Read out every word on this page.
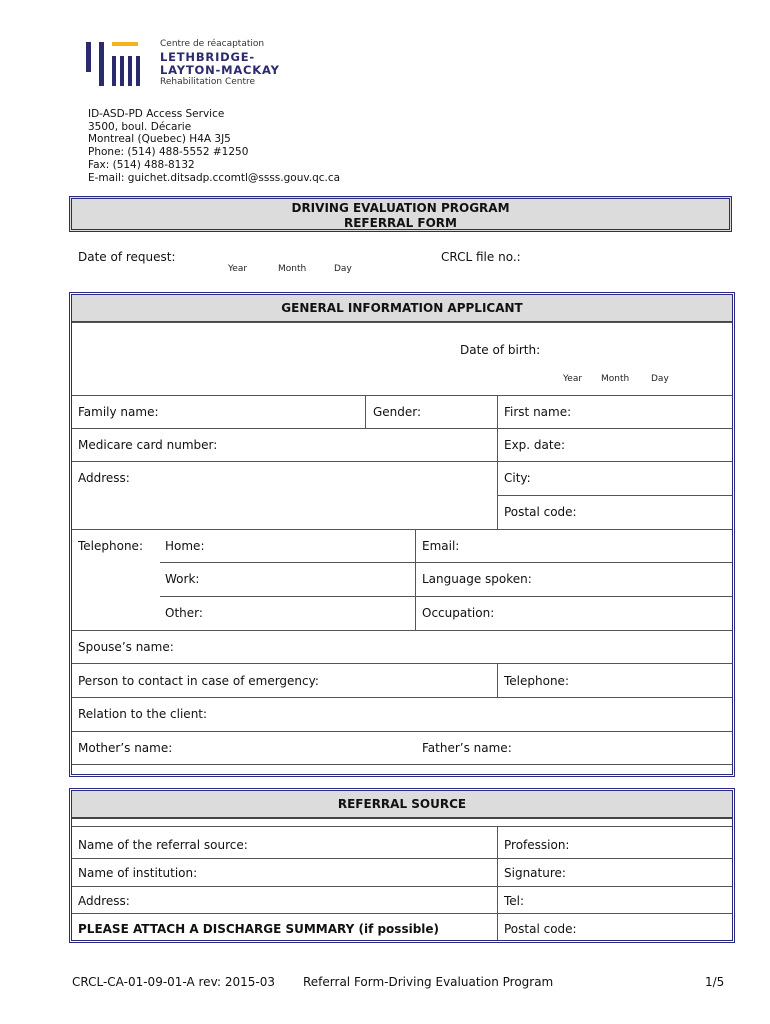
Centre de réacaptation
LETHBRIDGE-
LAYTON-MACKAY
Rehabilitation Centre
ID-ASD-PD Access Service
3500, boul. Décarie
Montreal (Quebec) H4A 3J5
Phone: (514) 488-5552 #1250
Fax: (514) 488-8132
E-mail: guichet.ditsadp.ccomtl@ssss.gouv.qc.ca
DRIVING EVALUATION PROGRAM
REFERRAL FORM
Date of request:
Year	Month	Day
CRCL file no.:
GENERAL INFORMATION APPLICANT
Date of birth:
Year Month Day
Family name:	Gender:	First name:
Medicare card number:	Exp. date:
Address:	City:
Postal code:
Telephone: Home:	Email:
Work:	Language spoken:
Other:	Occupation:
Spouse’s name:
Person to contact in case of emergency:	Telephone:
Relation to the client:
Mother’s name:	Father’s name:
REFERRAL SOURCE
Name of the referral source:	Profession:
Name of institution:	Signature:
Address:	Tel:
PLEASE ATTACH A DISCHARGE SUMMARY (if possible)	Postal code:
CRCL-CA-01-09-01-A rev: 2015-03 Referral Form-Driving Evaluation Program	1/5
